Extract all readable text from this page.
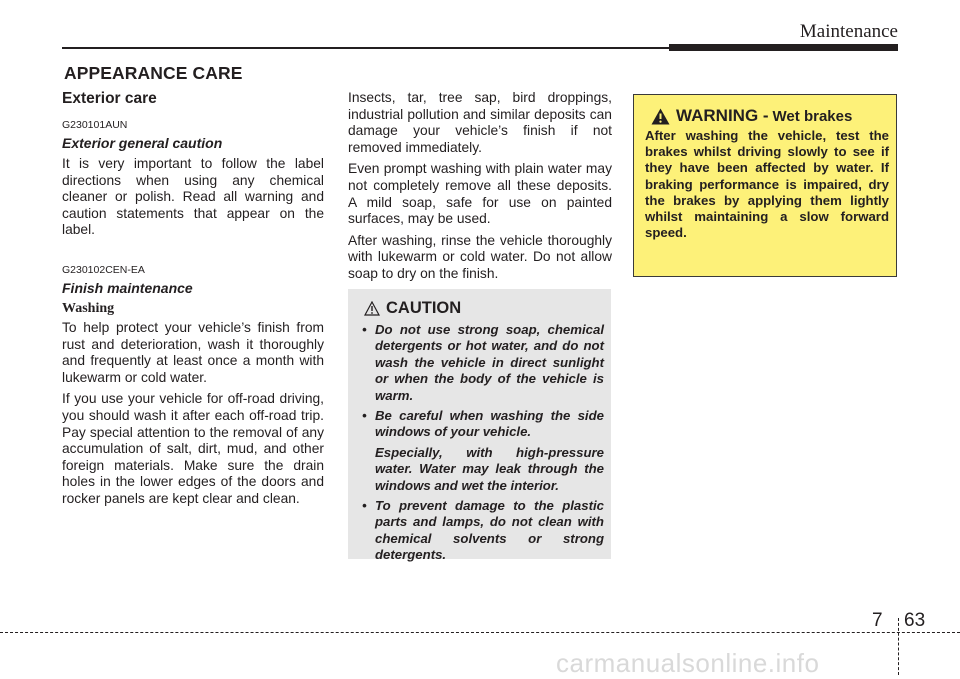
Maintenance
APPEARANCE CARE
Exterior care
G230101AUN
Exterior general caution
It is very important to follow the label directions when using any chemical cleaner or polish. Read all warning and caution statements that appear on the label.
G230102CEN-EA
Finish maintenance
Washing
To help protect your vehicle’s finish from rust and deterioration, wash it thoroughly and frequently at least once a month with lukewarm or cold water.
If you use your vehicle for off-road driving, you should wash it after each off-road trip. Pay special attention to the removal of any accumulation of salt, dirt, mud, and other foreign materials. Make sure the drain holes in the lower edges of the doors and rocker panels are kept clear and clean.
Insects, tar, tree sap, bird droppings, industrial pollution and similar deposits can damage your vehicle’s finish if not removed immediately.
Even prompt washing with plain water may not completely remove all these deposits. A mild soap, safe for use on painted surfaces, may be used.
After washing, rinse the vehicle thoroughly with lukewarm or cold water. Do not allow soap to dry on the finish.
CAUTION
• Do not use strong soap, chemical detergents or hot water, and do not wash the vehicle in direct sunlight or when the body of the vehicle is warm.
• Be careful when washing the side windows of your vehicle.
Especially, with high-pressure water. Water may leak through the windows and wet the interior.
• To prevent damage to the plastic parts and lamps, do not clean with chemical solvents or strong detergents.
WARNING - Wet brakes

After washing the vehicle, test the brakes whilst driving slowly to see if they have been affected by water. If braking performance is impaired, dry the brakes by applying them lightly whilst maintaining a slow forward speed.

7 63
carmanualsonline.info
